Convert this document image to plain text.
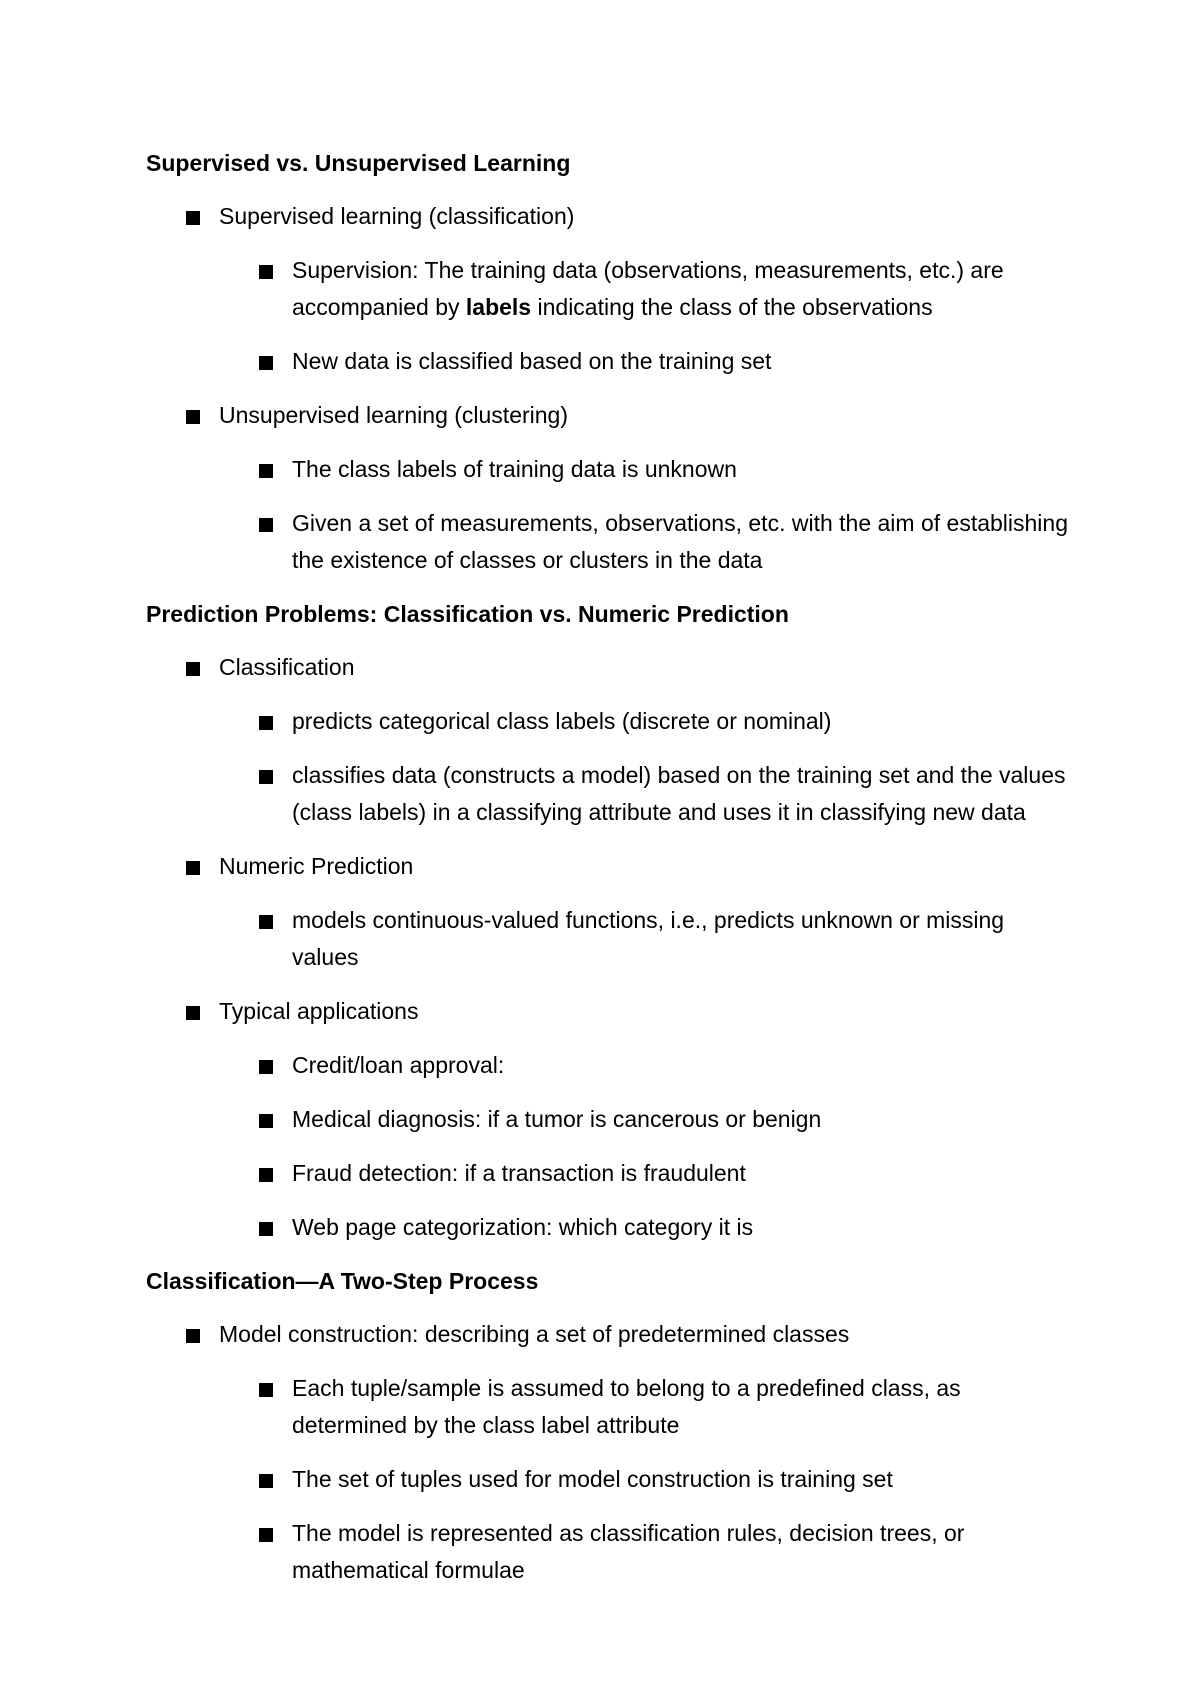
Supervised vs. Unsupervised Learning
Supervised learning (classification)
Supervision: The training data (observations, measurements, etc.) are accompanied by labels indicating the class of the observations
New data is classified based on the training set
Unsupervised learning (clustering)
The class labels of training data is unknown
Given a set of measurements, observations, etc. with the aim of establishing the existence of classes or clusters in the data
Prediction Problems: Classification vs. Numeric Prediction
Classification
predicts categorical class labels (discrete or nominal)
classifies data (constructs a model) based on the training set and the values (class labels) in a classifying attribute and uses it in classifying new data
Numeric Prediction
models continuous-valued functions, i.e., predicts unknown or missing values
Typical applications
Credit/loan approval:
Medical diagnosis: if a tumor is cancerous or benign
Fraud detection: if a transaction is fraudulent
Web page categorization: which category it is
Classification—A Two-Step Process
Model construction: describing a set of predetermined classes
Each tuple/sample is assumed to belong to a predefined class, as determined by the class label attribute
The set of tuples used for model construction is training set
The model is represented as classification rules, decision trees, or mathematical formulae
